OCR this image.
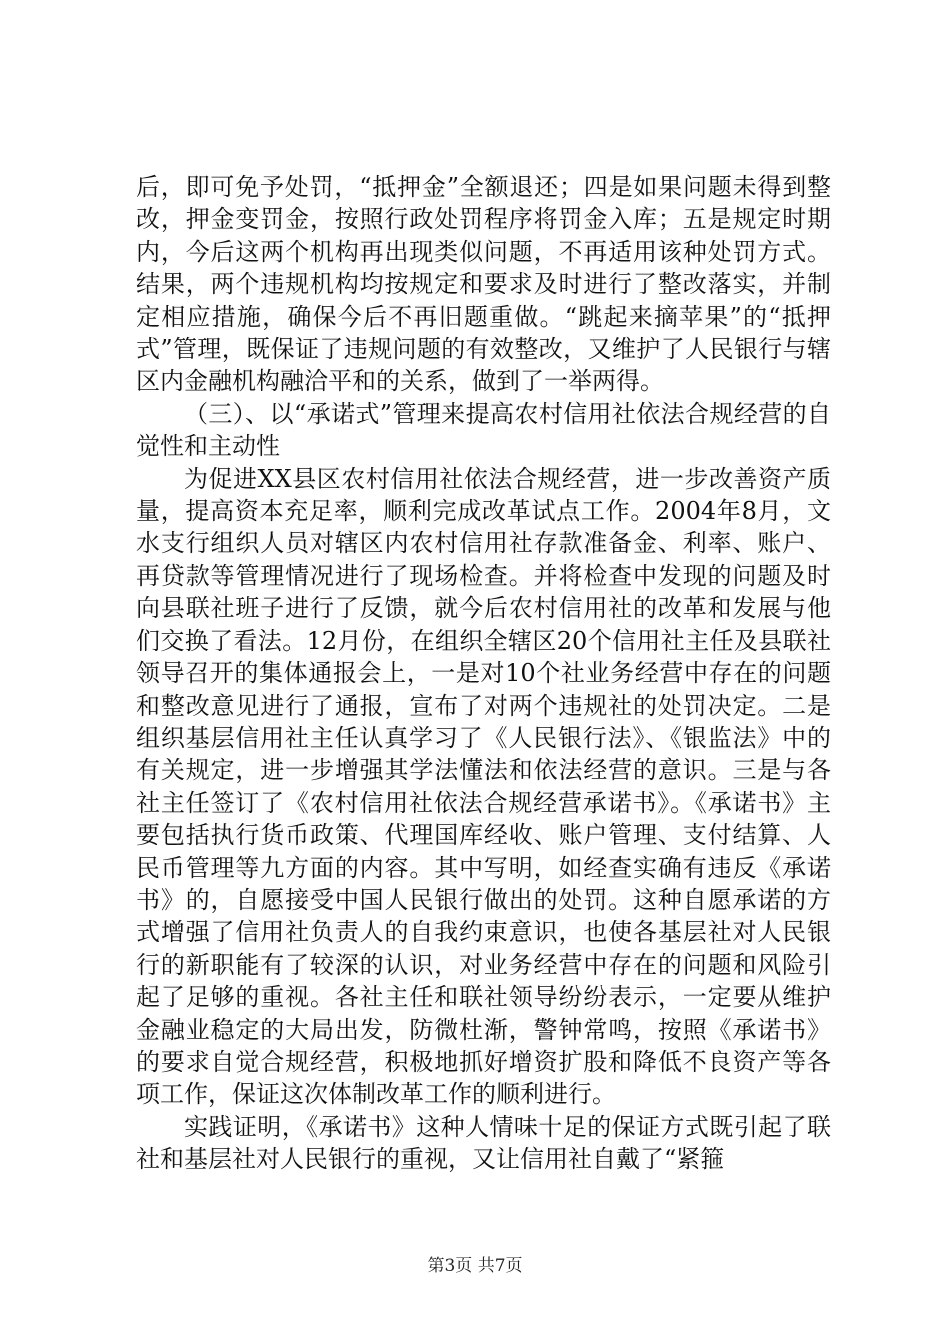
后，即可免予处罚，“抵押金”全额退还；四是如果问题未得到整改，押金变罚金，按照行政处罚程序将罚金入库；五是规定时期内，今后这两个机构再出现类似问题，不再适用该种处罚方式。结果，两个违规机构均按规定和要求及时进行了整改落实，并制定相应措施，确保今后不再旧题重做。“跳起来摘苹果”的“抵押式”管理，既保证了违规问题的有效整改，又维护了人民银行与辖区内金融机构融洽平和的关系，做到了一举两得。

（三）、以“承诺式”管理来提高农村信用社依法合规经营的自觉性和主动性

为促进XX县区农村信用社依法合规经营，进一步改善资产质量，提高资本充足率，顺利完成改革试点工作。2004年8月，文水支行组织人员对辖区内农村信用社存款准备金、利率、账户、再贷款等管理情况进行了现场检查。并将检查中发现的问题及时向县联社班子进行了反馈，就今后农村信用社的改革和发展与他们交换了看法。12月份，在组织全辖区20个信用社主任及县联社领导召开的集体通报会上，一是对10个社业务经营中存在的问题和整改意见进行了通报，宣布了对两个违规社的处罚决定。二是组织基层信用社主任认真学习了《人民银行法》、《银监法》中的有关规定，进一步增强其学法懂法和依法经营的意识。三是与各社主任签订了《农村信用社依法合规经营承诺书》。《承诺书》主要包括执行货币政策、代理国库经收、账户管理、支付结算、人民币管理等九方面的内容。其中写明，如经查实确有违反《承诺书》的，自愿接受中国人民银行做出的处罚。这种自愿承诺的方式增强了信用社负责人的自我约束意识，也使各基层社对人民银行的新职能有了较深的认识，对业务经营中存在的问题和风险引起了足够的重视。各社主任和联社领导纷纷表示，一定要从维护金融业稳定的大局出发，防微杜渐，警钟常鸣，按照《承诺书》的要求自觉合规经营，积极地抓好增资扩股和降低不良资产等各项工作，保证这次体制改革工作的顺利进行。

实践证明，《承诺书》这种人情味十足的保证方式既引起了联社和基层社对人民银行的重视，又让信用社自戴了“紧箍

第3页 共7页
